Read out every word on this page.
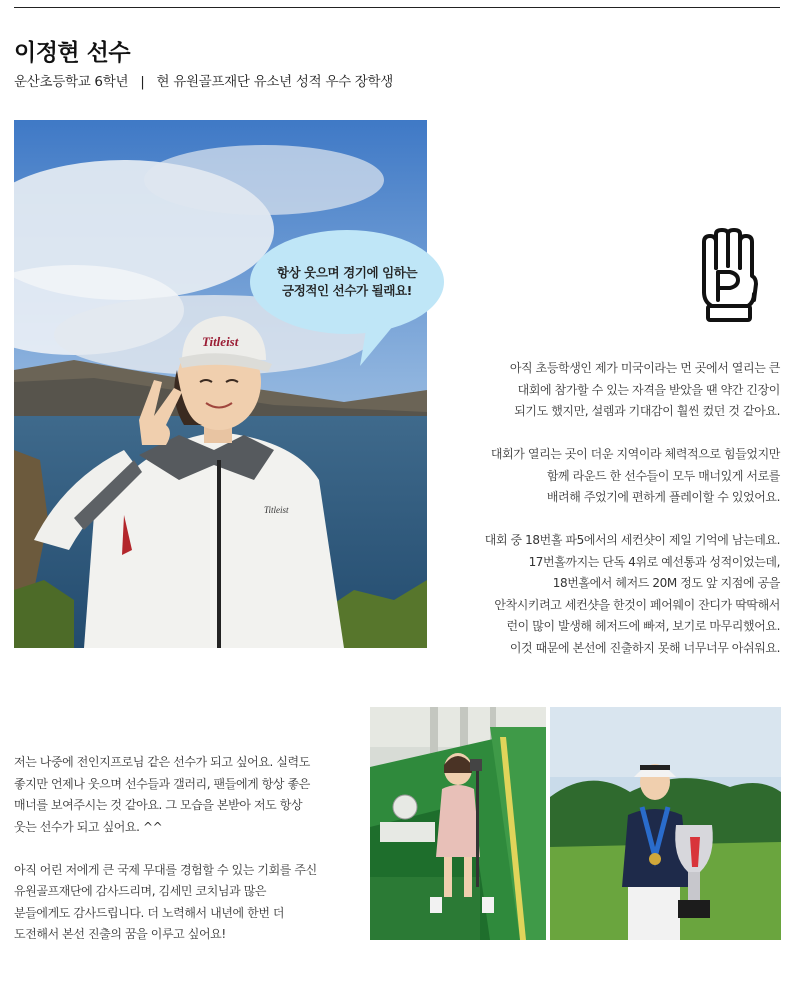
이정현 선수
운산초등학교 6학년 | 현 유원골프재단 유소년 성적 우수 장학생
Titleist
Titleist
항상 웃으며 경기에 임하는
긍정적인 선수가 될래요!

아직 초등학생인 제가 미국이라는 먼 곳에서 열리는 큰
대회에 참가할 수 있는 자격을 받았을 땐 약간 긴장이
되기도 했지만, 설렘과 기대감이 훨씬 컸던 것 같아요.

대회가 열리는 곳이 더운 지역이라 체력적으로 힘들었지만
함께 라운드 한 선수들이 모두 매너있게 서로를
배려해 주었기에 편하게 플레이할 수 있었어요.

대회 중 18번홀 파5에서의 세컨샷이 제일 기억에 남는데요.
17번홀까지는 단독 4위로 예선통과 성적이었는데,
18번홀에서 헤저드 20M 정도 앞 지점에 공을
안착시키려고 세컨샷을 한것이 페어웨이 잔디가 딱딱해서
런이 많이 발생해 헤저드에 빠져, 보기로 마무리했어요.
이것 때문에 본선에 진출하지 못해 너무너무 아쉬워요.

저는 나중에 전인지프로님 같은 선수가 되고 싶어요. 실력도
좋지만 언제나 웃으며 선수들과 갤러리, 팬들에게 항상 좋은
매너를 보여주시는 것 같아요. 그 모습을 본받아 저도 항상
웃는 선수가 되고 싶어요. ^^

아직 어린 저에게 큰 국제 무대를 경험할 수 있는 기회를 주신
유원골프재단에 감사드리며, 김세민 코치님과 많은
분들에게도 감사드립니다. 더 노력해서 내년에 한번 더
도전해서 본선 진출의 꿈을 이루고 싶어요!
